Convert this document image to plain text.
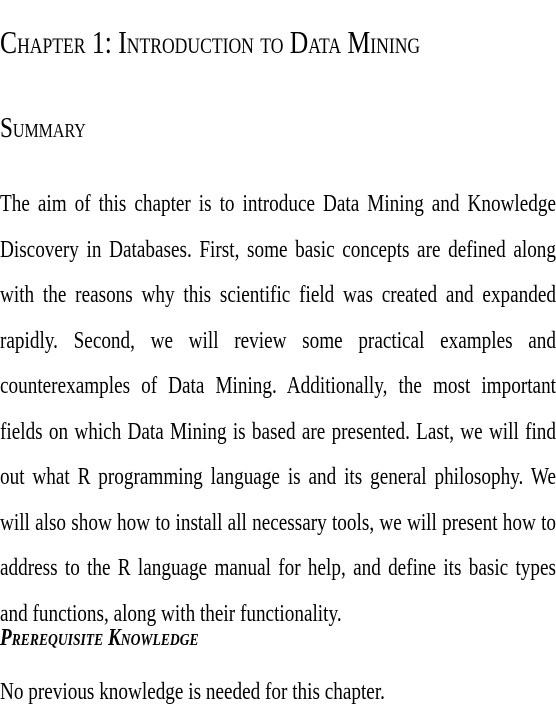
Chapter 1: Introduction to Data Mining
Summary

The aim of this chapter is to introduce Data Mining and Knowledge Discovery in Databases. First, some basic concepts are defined along with the reasons why this scientific field was created and expanded rapidly. Second, we will review some practical examples and counterexamples of Data Mining. Additionally, the most important fields on which Data Mining is based are presented. Last, we will find out what R programming language is and its general philosophy. We will also show how to install all necessary tools, we will present how to address to the R language manual for help, and define its basic types and functions, along with their functionality.

Prerequisite Knowledge

No previous knowledge is needed for this chapter.
